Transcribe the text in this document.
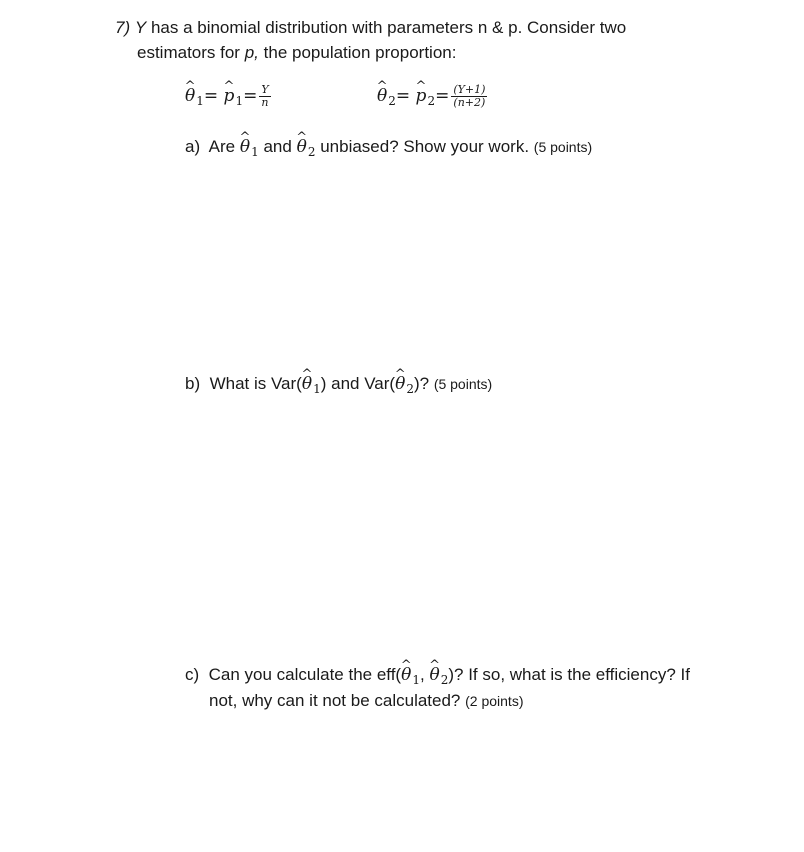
7) Y has a binomial distribution with parameters n & p. Consider two
estimators for p, the population proportion:
^ $\theta_1=$ ^ $p_1= \frac{Y}{n}$	^ $\theta_2=$ ^ $p_2= \frac{(Y+1)}{(n+2)}$
a) Are ^ $\theta_1$ and ^ $\theta_2$ unbiased? Show your work. (5 points)
b) What is Var(^ $\theta_1$) and Var(^ $\theta_2$)? (5 points)
c) Can you calculate the eff(^ $\theta_1$, ^ $\theta_2$)? If so, what is the efficiency? If
not, why can it not be calculated? (2 points)
